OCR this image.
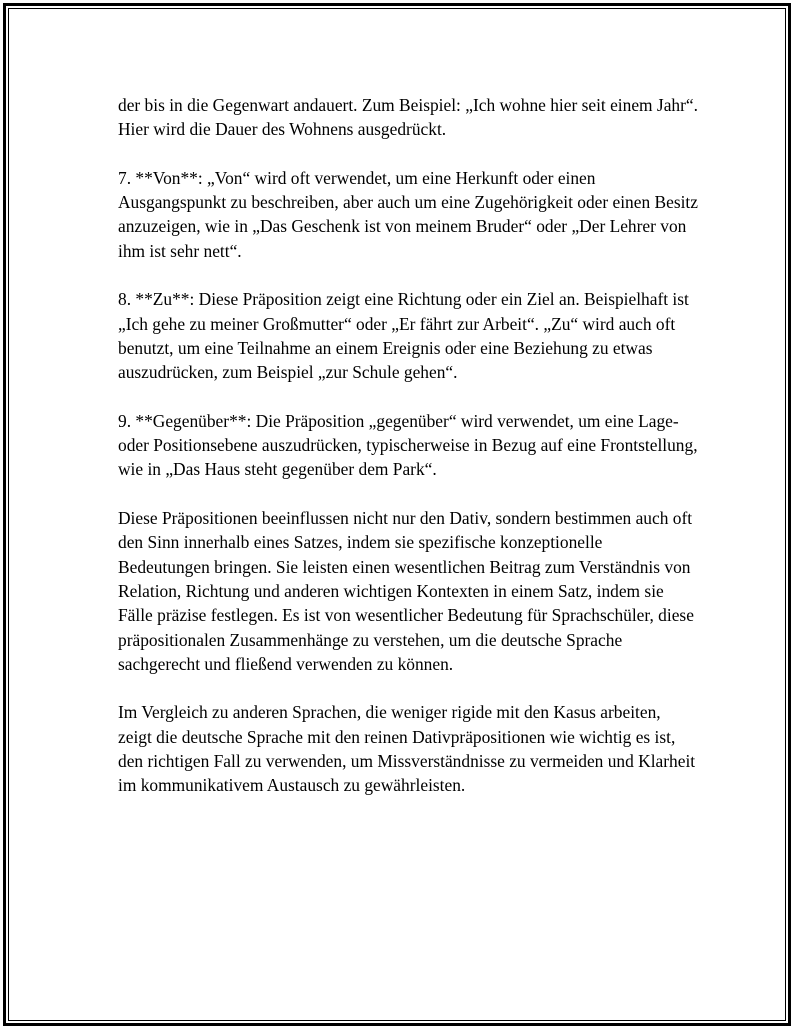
der bis in die Gegenwart andauert. Zum Beispiel: „Ich wohne hier seit einem Jahr“. Hier wird die Dauer des Wohnens ausgedrückt.

7. **Von**: „Von“ wird oft verwendet, um eine Herkunft oder einen Ausgangspunkt zu beschreiben, aber auch um eine Zugehörigkeit oder einen Besitz anzuzeigen, wie in „Das Geschenk ist von meinem Bruder“ oder „Der Lehrer von ihm ist sehr nett“.

8. **Zu**: Diese Präposition zeigt eine Richtung oder ein Ziel an. Beispielhaft ist „Ich gehe zu meiner Großmutter“ oder „Er fährt zur Arbeit“. „Zu“ wird auch oft benutzt, um eine Teilnahme an einem Ereignis oder eine Beziehung zu etwas auszudrücken, zum Beispiel „zur Schule gehen“.

9. **Gegenüber**: Die Präposition „gegenüber“ wird verwendet, um eine Lage- oder Positionsebene auszudrücken, typischerweise in Bezug auf eine Frontstellung, wie in „Das Haus steht gegenüber dem Park“.

Diese Präpositionen beeinflussen nicht nur den Dativ, sondern bestimmen auch oft den Sinn innerhalb eines Satzes, indem sie spezifische konzeptionelle Bedeutungen bringen. Sie leisten einen wesentlichen Beitrag zum Verständnis von Relation, Richtung und anderen wichtigen Kontexten in einem Satz, indem sie Fälle präzise festlegen. Es ist von wesentlicher Bedeutung für Sprachschüler, diese präpositionalen Zusammenhänge zu verstehen, um die deutsche Sprache sachgerecht und fließend verwenden zu können.

Im Vergleich zu anderen Sprachen, die weniger rigide mit den Kasus arbeiten, zeigt die deutsche Sprache mit den reinen Dativpräpositionen wie wichtig es ist, den richtigen Fall zu verwenden, um Missverständnisse zu vermeiden und Klarheit im kommunikativem Austausch zu gewährleisten.
